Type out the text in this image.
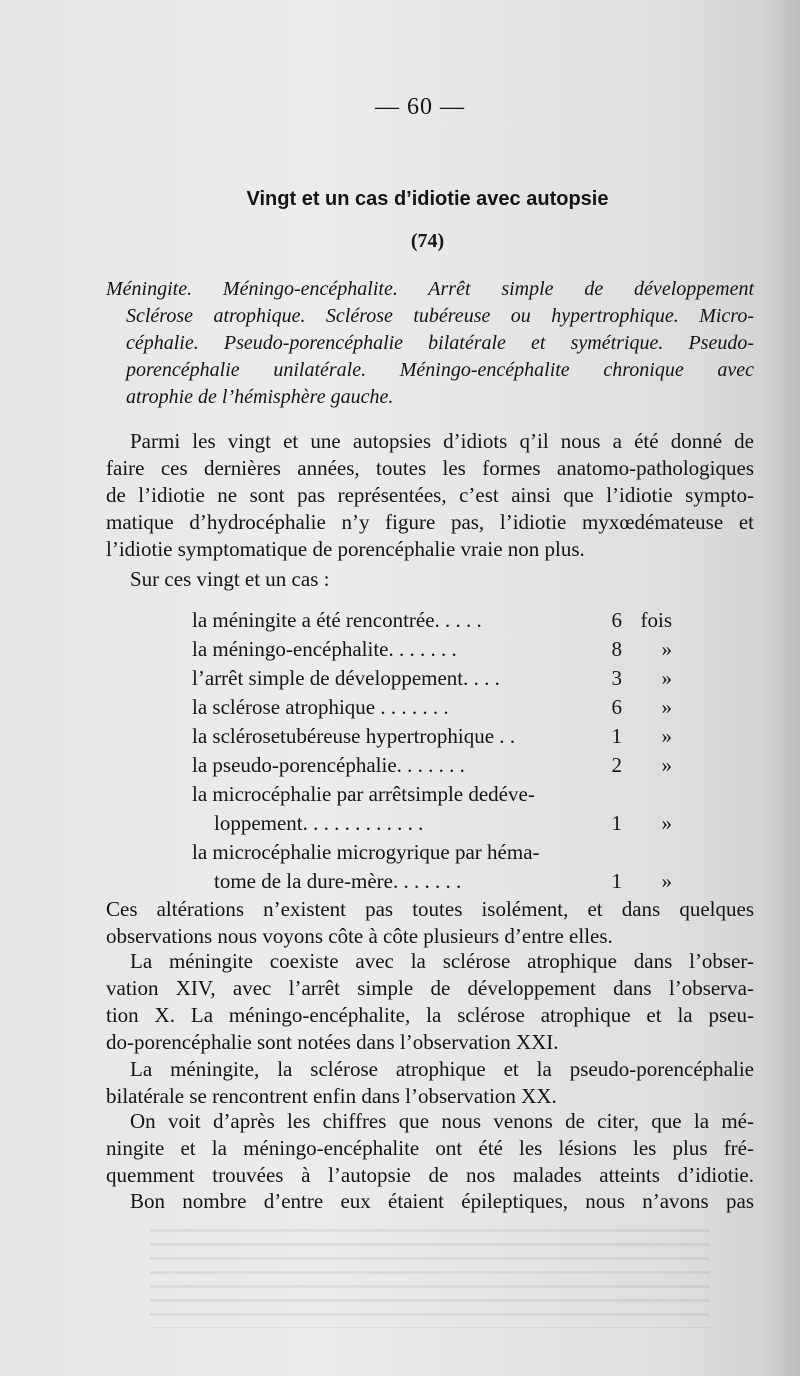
— 60 —
Vingt et un cas d’idiotie avec autopsie
(74)
Méningite. Méningo-encéphalite. Arrêt simple de développement
Sclérose atrophique. Sclérose tubéreuse ou hypertrophique. Micro-
céphalie. Pseudo-porencéphalie bilatérale et symétrique. Pseudo-
porencéphalie unilatérale. Méningo-encéphalite chronique avec
atrophie de l’hémisphère gauche.
Parmi les vingt et une autopsies d’idiots q’il nous a été donné de
faire ces dernières années, toutes les formes anatomo-pathologiques
de l’idiotie ne sont pas représentées, c’est ainsi que l’idiotie sympto-
matique d’hydrocéphalie n’y figure pas, l’idiotie myxœdémateuse et
l’idiotie symptomatique de porencéphalie vraie non plus.
Sur ces vingt et un cas :
la méningite a été rencontrée. . . . .	6 fois
la méningo-encéphalite. . . . . . .	8	»
l’arrêt simple de développement. . . .	3	»
la sclérose atrophique . . . . . . .	6	»
la sclérosetubéreuse hypertrophique . .	1	»
la pseudo-porencéphalie. . . . . . .	2	»
la microcéphalie par arrêtsimple dedéve-
loppement. . . . . . . . . . . .	1	»
la microcéphalie microgyrique par héma-
tome de la dure-mère. . . . . . .	1	»
Ces altérations n’existent pas toutes isolément, et dans quelques
observations nous voyons côte à côte plusieurs d’entre elles.
La méningite coexiste avec la sclérose atrophique dans l’obser-
vation XIV, avec l’arrêt simple de développement dans l’observa-
tion X. La méningo-encéphalite, la sclérose atrophique et la pseu-
do-porencéphalie sont notées dans l’observation XXI.
La méningite, la sclérose atrophique et la pseudo-porencéphalie
bilatérale se rencontrent enfin dans l’observation XX.
On voit d’après les chiffres que nous venons de citer, que la mé-
ningite et la méningo-encéphalite ont été les lésions les plus fré-
quemment trouvées à l’autopsie de nos malades atteints d’idiotie.
Bon nombre d’entre eux étaient épileptiques, nous n’avons pas
